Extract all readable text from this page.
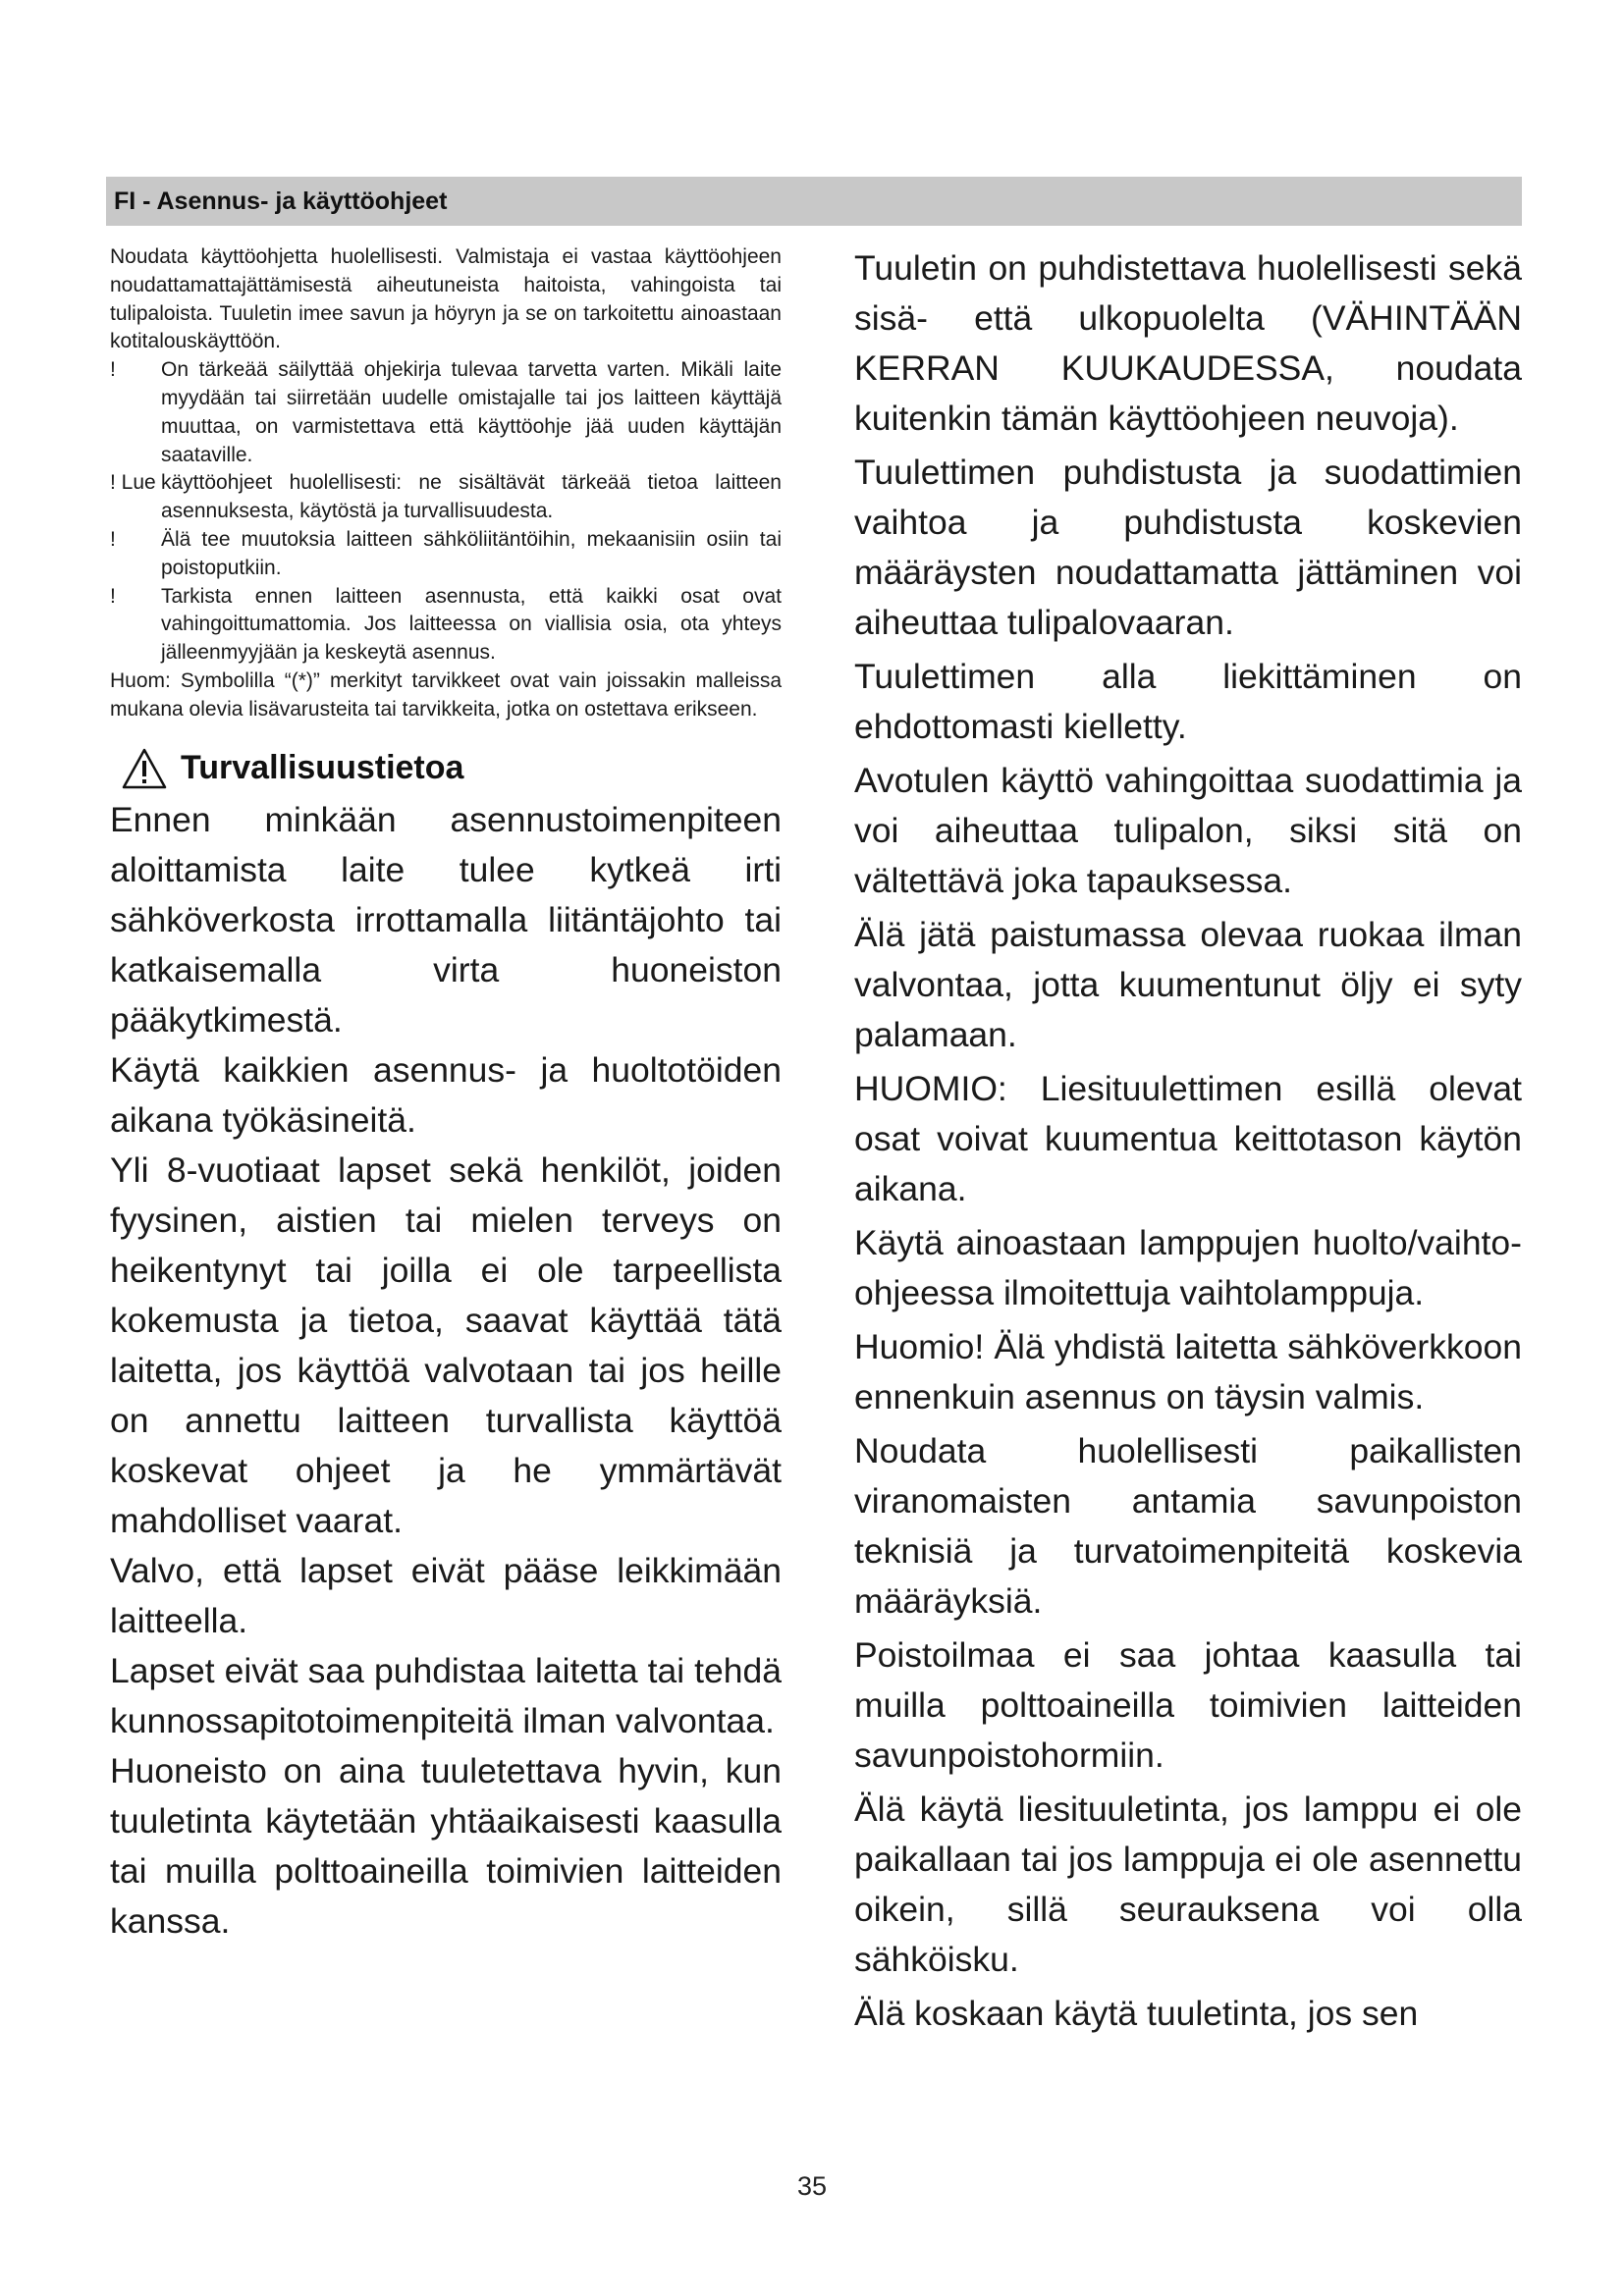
FI - Asennus- ja käyttöohjeet

Noudata käyttöohjetta huolellisesti. Valmistaja ei vastaa käyttöohjeen noudattamattajättämisestä aiheutuneista haitoista, vahingoista tai tulipaloista. Tuuletin imee savun ja höyryn ja se on tarkoitettu ainoastaan kotitalouskäyttöön.

! On tärkeää säilyttää ohjekirja tulevaa tarvetta varten. Mikäli laite myydään tai siirretään uudelle omistajalle tai jos laitteen käyttäjä muuttaa, on varmistettava että käyttöohje jää uuden käyttäjän saataville.
! Lue käyttöohjeet huolellisesti: ne sisältävät tärkeää tietoa laitteen asennuksesta, käytöstä ja turvallisuudesta.
! Älä tee muutoksia laitteen sähköliitäntöihin, mekaanisiin osiin tai poistoputkiin.
! Tarkista ennen laitteen asennusta, että kaikki osat ovat vahingoittumattomia. Jos laitteessa on viallisia osia, ota yhteys jälleenmyyjään ja keskeytä asennus.

Huom: Symbolilla “(*)” merkityt tarvikkeet ovat vain joissakin malleissa mukana olevia lisävarusteita tai tarvikkeita, jotka on ostettava erikseen.

Turvallisuustietoa

Ennen minkään asennustoimenpiteen aloittamista laite tulee kytkeä irti sähköverkosta irrottamalla liitäntäjohto tai katkaisemalla virta huoneiston pääkytkimestä.

Käytä kaikkien asennus- ja huoltotöiden aikana työkäsineitä.

Yli 8-vuotiaat lapset sekä henkilöt, joiden fyysinen, aistien tai mielen terveys on heikentynyt tai joilla ei ole tarpeellista kokemusta ja tietoa, saavat käyttää tätä laitetta, jos käyttöä valvotaan tai jos heille on annettu laitteen turvallista käyttöä koskevat ohjeet ja he ymmärtävät mahdolliset vaarat.

Valvo, että lapset eivät pääse leikkimään laitteella.

Lapset eivät saa puhdistaa laitetta tai tehdä kunnossapitotoimenpiteitä ilman valvontaa.

Huoneisto on aina tuuletettava hyvin, kun tuuletinta käytetään yhtäaikaisesti kaasulla tai muilla polttoaineilla toimivien laitteiden kanssa.

Tuuletin on puhdistettava huolellisesti sekä sisä- että ulkopuolelta (VÄHINTÄÄN KERRAN KUUKAUDESSA, noudata kuitenkin tämän käyttöohjeen neuvoja).

Tuulettimen puhdistusta ja suodattimien vaihtoa ja puhdistusta koskevien määräysten noudattamatta jättäminen voi aiheuttaa tulipalovaaran.

Tuulettimen alla liekittäminen on ehdottomasti kielletty.

Avotulen käyttö vahingoittaa suodattimia ja voi aiheuttaa tulipalon, siksi sitä on vältettävä joka tapauksessa.

Älä jätä paistumassa olevaa ruokaa ilman valvontaa, jotta kuumentunut öljy ei syty palamaan.

HUOMIO: Liesituulettimen esillä olevat osat voivat kuumentua keittotason käytön aikana.

Käytä ainoastaan lamppujen huolto/vaihto-ohjeessa ilmoitettuja vaihtolamppuja.

Huomio! Älä yhdistä laitetta sähköverkkoon ennenkuin asennus on täysin valmis.

Noudata huolellisesti paikallisten viranomaisten antamia savunpoiston teknisiä ja turvatoimenpiteitä koskevia määräyksiä.

Poistoilmaa ei saa johtaa kaasulla tai muilla polttoaineilla toimivien laitteiden savunpoistohormiin.

Älä käytä liesituuletinta, jos lamppu ei ole paikallaan tai jos lamppuja ei ole asennettu oikein, sillä seurauksena voi olla sähköisku.

Älä koskaan käytä tuuletinta, jos sen

35
